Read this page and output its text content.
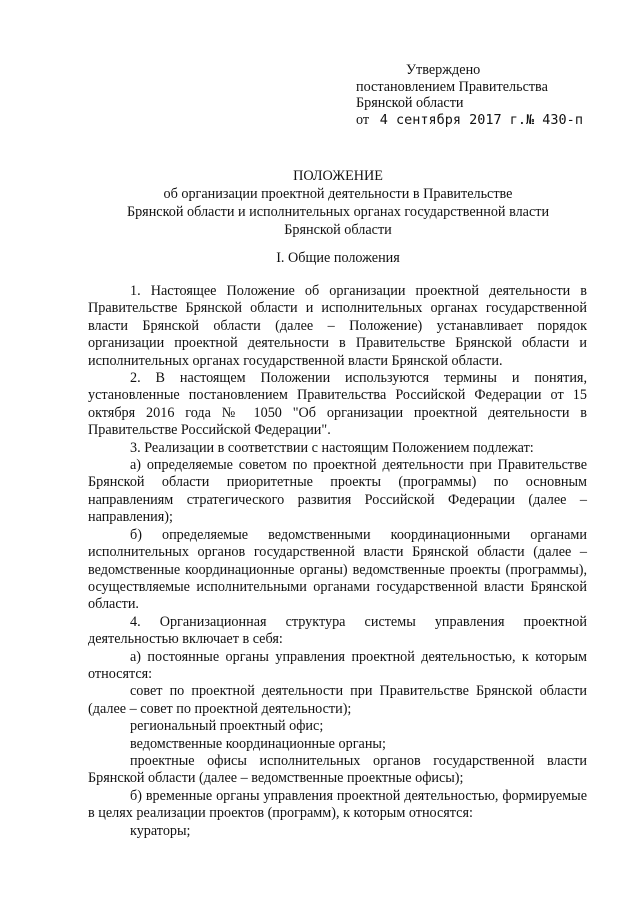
Утверждено
постановлением Правительства
Брянской области
от 4 сентября 2017 г.№ 430-п
ПОЛОЖЕНИЕ
об организации проектной деятельности в Правительстве
Брянской области и исполнительных органах государственной власти
Брянской области
I. Общие положения

1. Настоящее Положение об организации проектной деятельности в Правительстве Брянской области и исполнительных органах государственной власти Брянской области (далее – Положение) устанавливает порядок организации проектной деятельности в Правительстве Брянской области и исполнительных органах государственной власти Брянской области.

2. В настоящем Положении используются термины и понятия, установленные постановлением Правительства Российской Федерации от 15 октября 2016 года № 1050 "Об организации проектной деятельности в Правительстве Российской Федерации".

3. Реализации в соответствии с настоящим Положением подлежат:

а) определяемые советом по проектной деятельности при Правительстве Брянской области приоритетные проекты (программы) по основным направлениям стратегического развития Российской Федерации (далее – направления);

б) определяемые ведомственными координационными органами исполнительных органов государственной власти Брянской области (далее – ведомственные координационные органы) ведомственные проекты (программы), осуществляемые исполнительными органами государственной власти Брянской области.

4. Организационная структура системы управления проектной деятельностью включает в себя:

а) постоянные органы управления проектной деятельностью, к которым относятся:

совет по проектной деятельности при Правительстве Брянской области (далее – совет по проектной деятельности);

региональный проектный офис;

ведомственные координационные органы;

проектные офисы исполнительных органов государственной власти Брянской области (далее – ведомственные проектные офисы);

б) временные органы управления проектной деятельностью, формируемые в целях реализации проектов (программ), к которым относятся:

кураторы;
